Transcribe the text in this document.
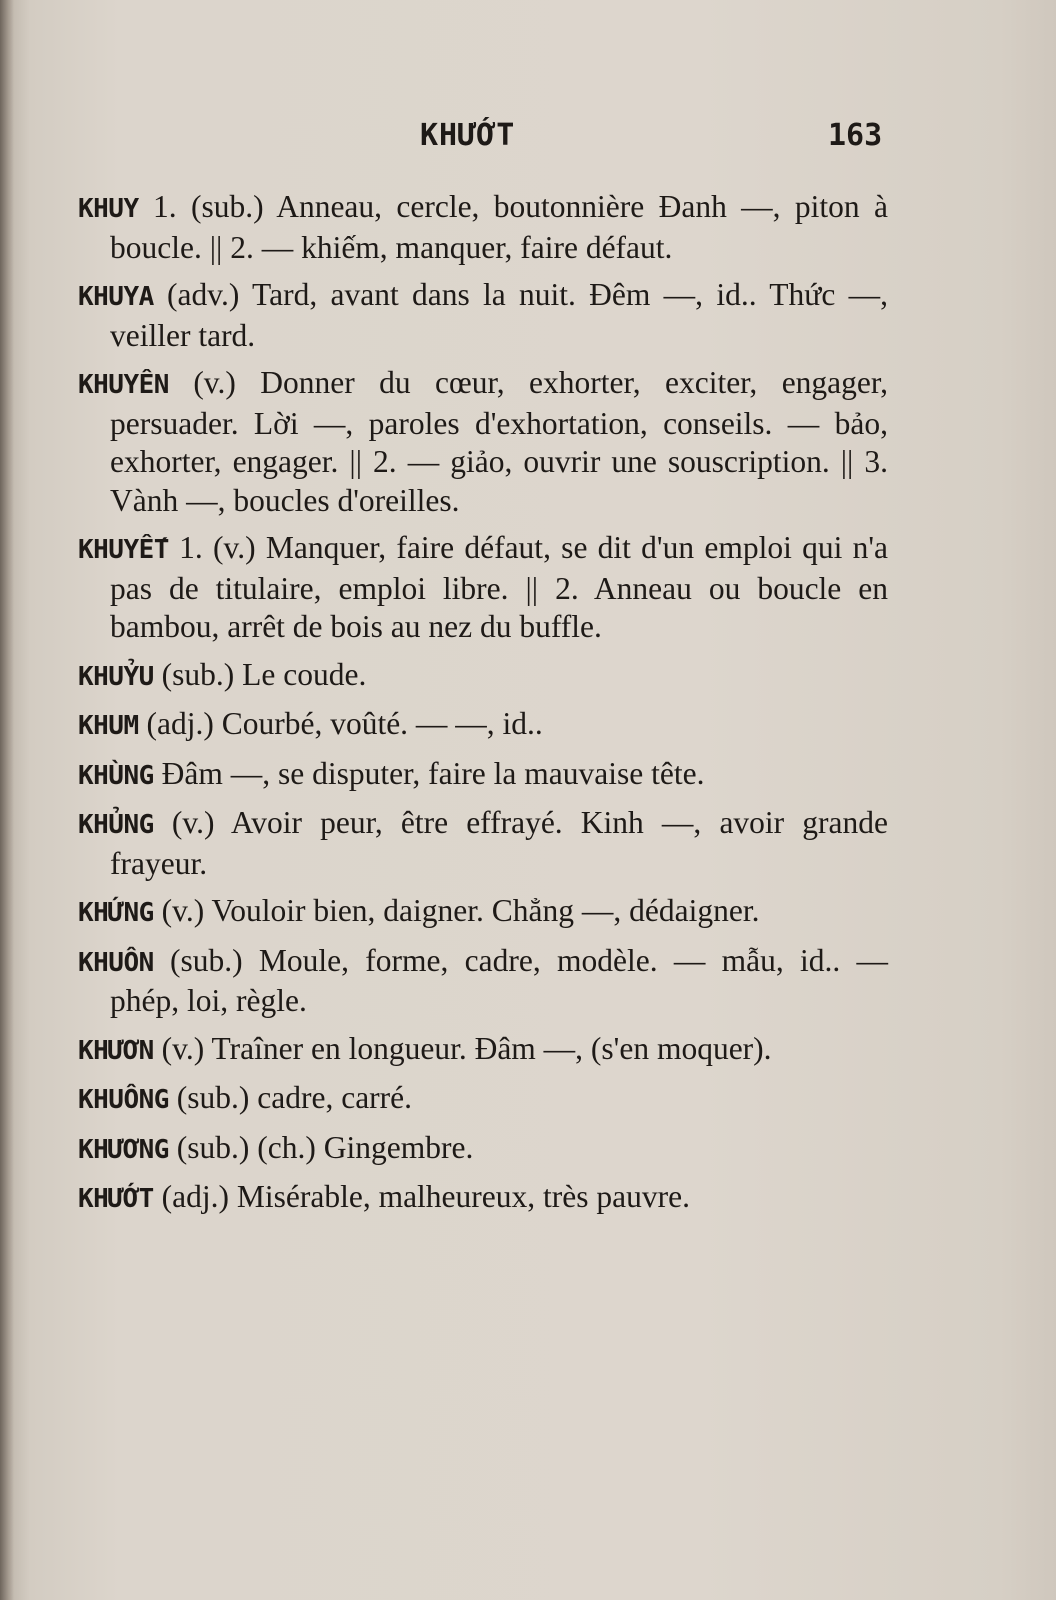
KHƯỚT	163
KHUY 1. (sub.) Anneau, cercle, boutonnière Đanh —, piton à boucle. || 2. — khiếm, manquer, faire défaut.
KHUYA (adv.) Tard, avant dans la nuit. Đêm —, id.. Thức —, veiller tard.
KHUYÊN (v.) Donner du cœur, exhorter, exciter, engager, persuader. Lời —, paroles d'exhortation, conseils. — bảo, exhorter, engager. || 2. — giảo, ouvrir une souscription. || 3. Vành —, boucles d'oreilles.
KHUYẾT 1. (v.) Manquer, faire défaut, se dit d'un emploi qui n'a pas de titulaire, emploi libre. || 2. Anneau ou boucle en bambou, arrêt de bois au nez du buffle.
KHUỶU (sub.) Le coude.
KHUM (adj.) Courbé, voûté. — —, id..
KHÙNG Đâm —, se disputer, faire la mauvaise tête.
KHỦNG (v.) Avoir peur, être effrayé. Kinh —, avoir grande frayeur.
KHỨNG (v.) Vouloir bien, daigner. Chẳng —, dédaigner.
KHUÔN (sub.) Moule, forme, cadre, modèle. — mẫu, id.. — phép, loi, règle.
KHƯƠN (v.) Traîner en longueur. Đâm —, (s'en moquer).
KHUÔNG (sub.) cadre, carré.
KHƯƠNG (sub.) (ch.) Gingembre.
KHƯỚT (adj.) Misérable, malheureux, très pauvre.
